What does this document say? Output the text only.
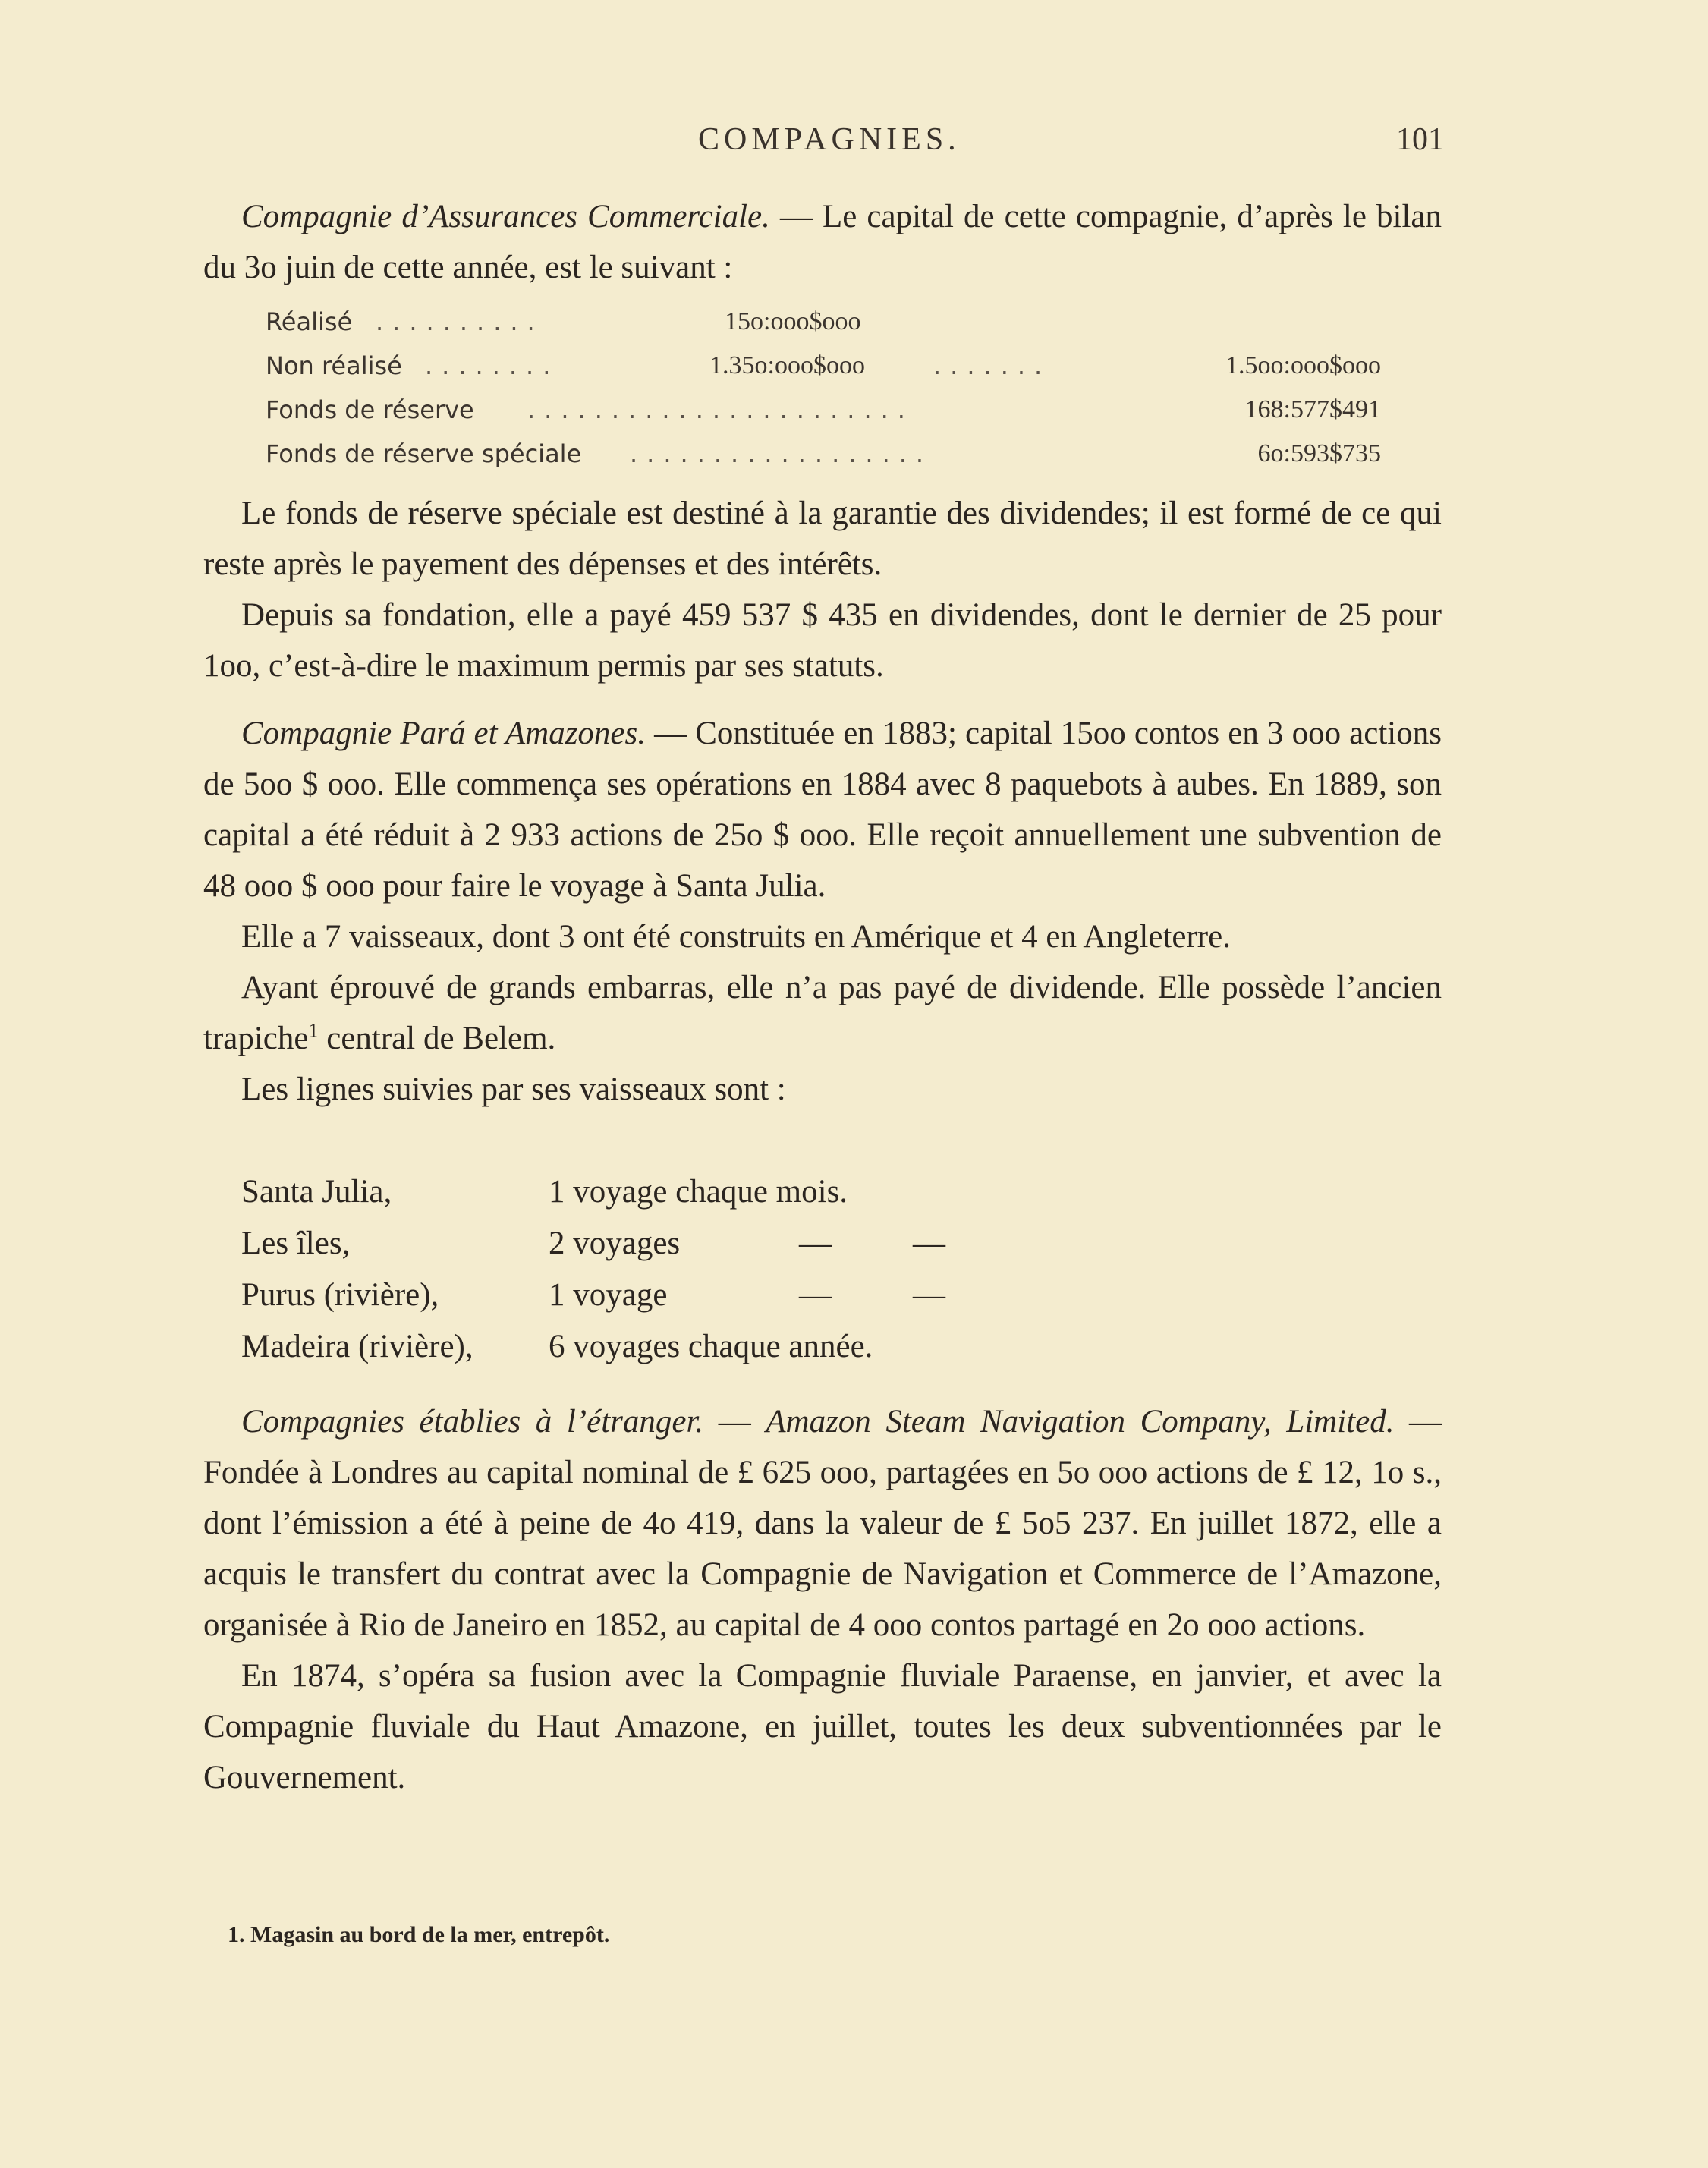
COMPAGNIES.	101

Compagnie d’Assurances Commerciale. — Le capital de cette compagnie, d’après le bilan du 3o juin de cette année, est le suivant :

Réalisé ..........	15o:ooo$ooo
Non réalisé ........	1.35o:ooo$ooo	.......	1.5oo:ooo$ooo
Fonds de réserve .......................	168:577$491
Fonds de réserve spéciale ..................	6o:593$735

Le fonds de réserve spéciale est destiné à la garantie des dividendes; il est formé de ce qui reste après le payement des dépenses et des intérêts.

Depuis sa fondation, elle a payé 459 537 $ 435 en dividendes, dont le dernier de 25 pour 1oo, c’est-à-dire le maximum permis par ses statuts.

Compagnie Pará et Amazones. — Constituée en 1883; capital 15oo contos en 3 ooo actions de 5oo $ ooo. Elle commença ses opérations en 1884 avec 8 paquebots à aubes. En 1889, son capital a été réduit à 2 933 actions de 25o $ ooo. Elle reçoit annuellement une subvention de 48 ooo $ ooo pour faire le voyage à Santa Julia.

Elle a 7 vaisseaux, dont 3 ont été construits en Amérique et 4 en Angleterre.

Ayant éprouvé de grands embarras, elle n’a pas payé de dividende. Elle possède l’ancien trapiche$^1$ central de Belem.

Les lignes suivies par ses vaisseaux sont :

Santa Julia,	1 voyage chaque mois.
Les îles,	2 voyages	— —
Purus (rivière),	1 voyage	— —
Madeira (rivière), 6 voyages chaque année.

Compagnies établies à l’étranger. — Amazon Steam Navigation Company, Limited. — Fondée à Londres au capital nominal de £ 625 ooo, partagées en 5o ooo actions de £ 12, 1o s., dont l’émission a été à peine de 4o 419, dans la valeur de £ 5o5 237. En juillet 1872, elle a acquis le transfert du contrat avec la Compagnie de Navigation et Commerce de l’Amazone, organisée à Rio de Janeiro en 1852, au capital de 4 ooo contos partagé en 2o ooo actions.

En 1874, s’opéra sa fusion avec la Compagnie fluviale Paraense, en janvier, et avec la Compagnie fluviale du Haut Amazone, en juillet, toutes les deux subventionnées par le Gouvernement.

1. Magasin au bord de la mer, entrepôt.
